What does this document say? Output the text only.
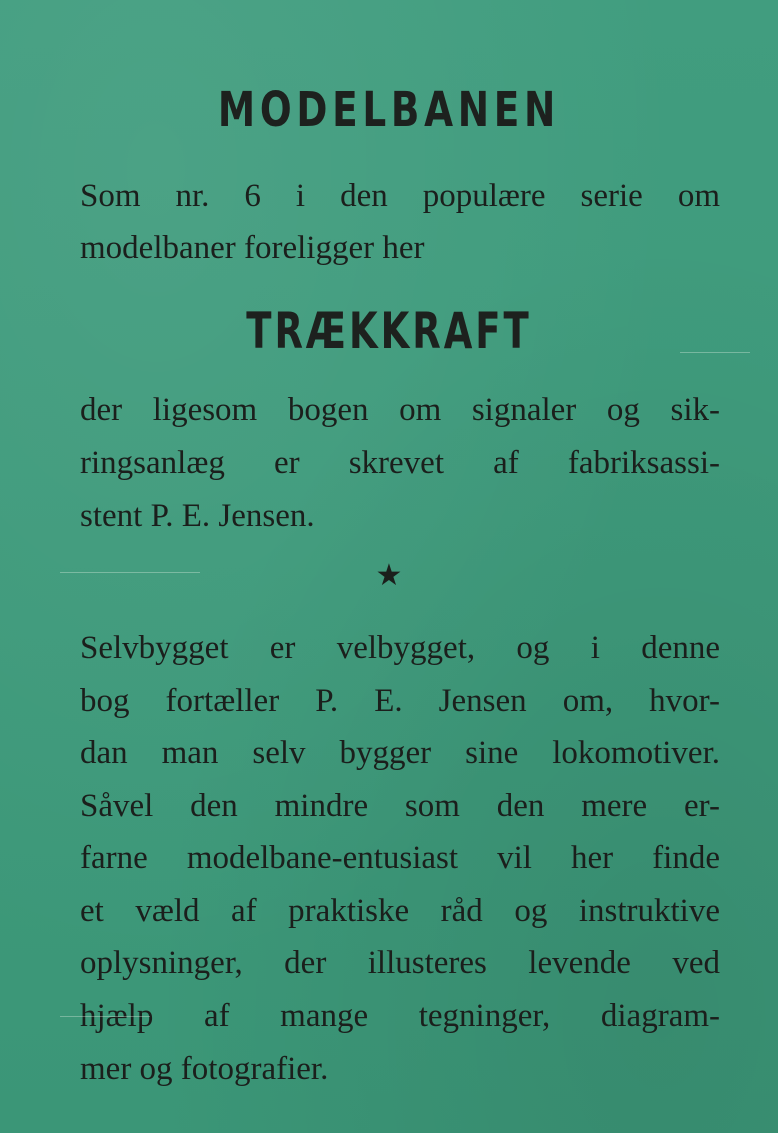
MODELBANEN

Som nr. 6 i den populære serie om

modelbaner foreligger her

TRÆKKRAFT

der ligesom bogen om signaler og sik-

ringsanlæg er skrevet af fabriksassi-

stent P. E. Jensen.

★

Selvbygget er velbygget, og i denne

bog fortæller P. E. Jensen om, hvor-

dan man selv bygger sine lokomotiver.

Såvel den mindre som den mere er-

farne modelbane-entusiast vil her finde

et væld af praktiske råd og instruktive

oplysninger, der illusteres levende ved

hjælp af mange tegninger, diagram-

mer og fotografier.
